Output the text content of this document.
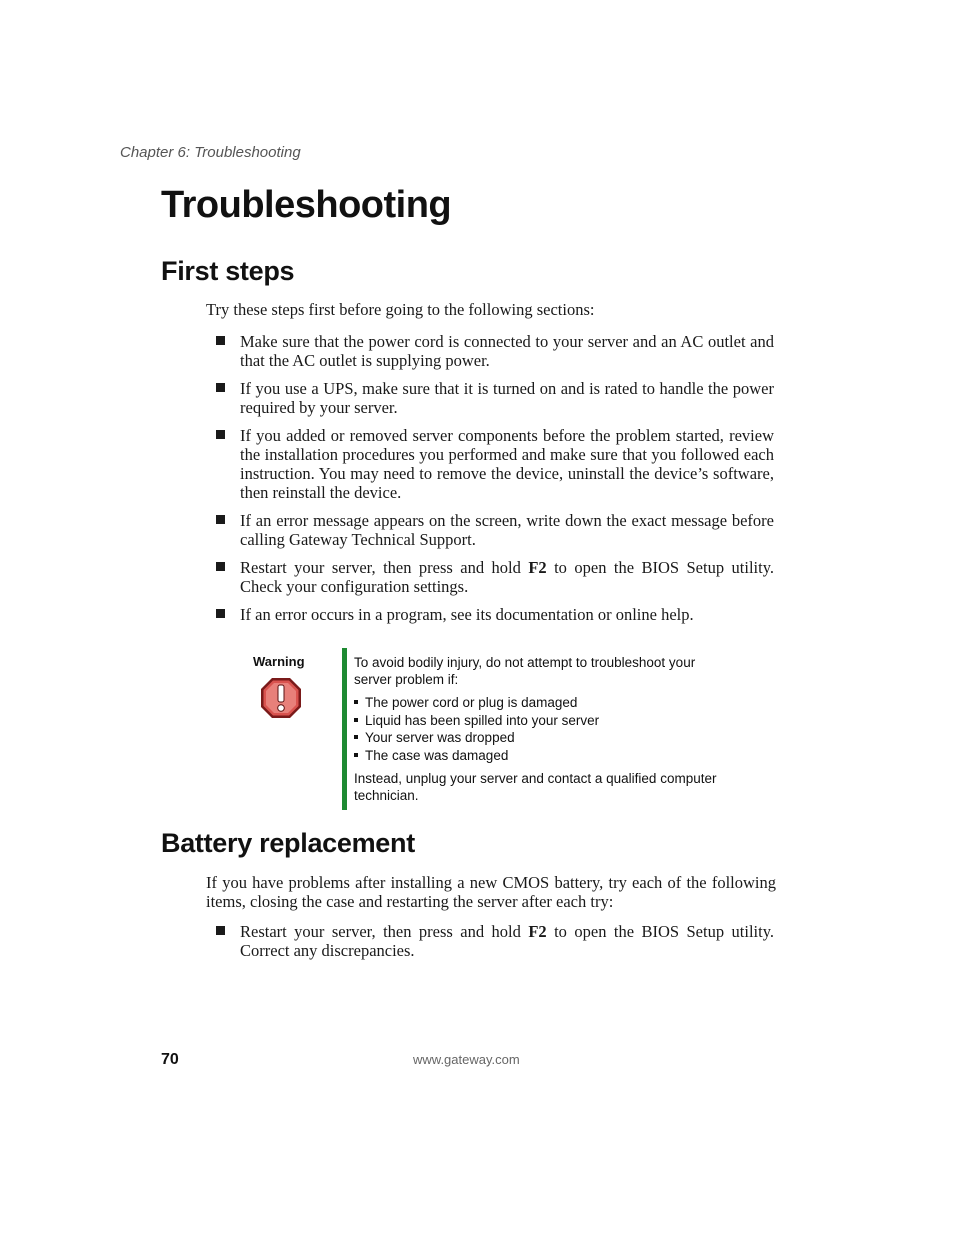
Chapter 6: Troubleshooting
Troubleshooting
First steps
Try these steps first before going to the following sections:
Make sure that the power cord is connected to your server and an AC outlet and that the AC outlet is supplying power.
If you use a UPS, make sure that it is turned on and is rated to handle the power required by your server.
If you added or removed server components before the problem started, review the installation procedures you performed and make sure that you followed each instruction. You may need to remove the device, uninstall the device’s software, then reinstall the device.
If an error message appears on the screen, write down the exact message before calling Gateway Technical Support.
Restart your server, then press and hold F2 to open the BIOS Setup utility. Check your configuration settings.
If an error occurs in a program, see its documentation or online help.
Warning	To avoid bodily injury, do not attempt to troubleshoot your server problem if:

The power cord or plug is damaged
Liquid has been spilled into your server
Your server was dropped
The case was damaged

Instead, unplug your server and contact a qualified computer technician.

Battery replacement
If you have problems after installing a new CMOS battery, try each of the following items, closing the case and restarting the server after each try:
Restart your server, then press and hold F2 to open the BIOS Setup utility. Correct any discrepancies.
70	www.gateway.com
